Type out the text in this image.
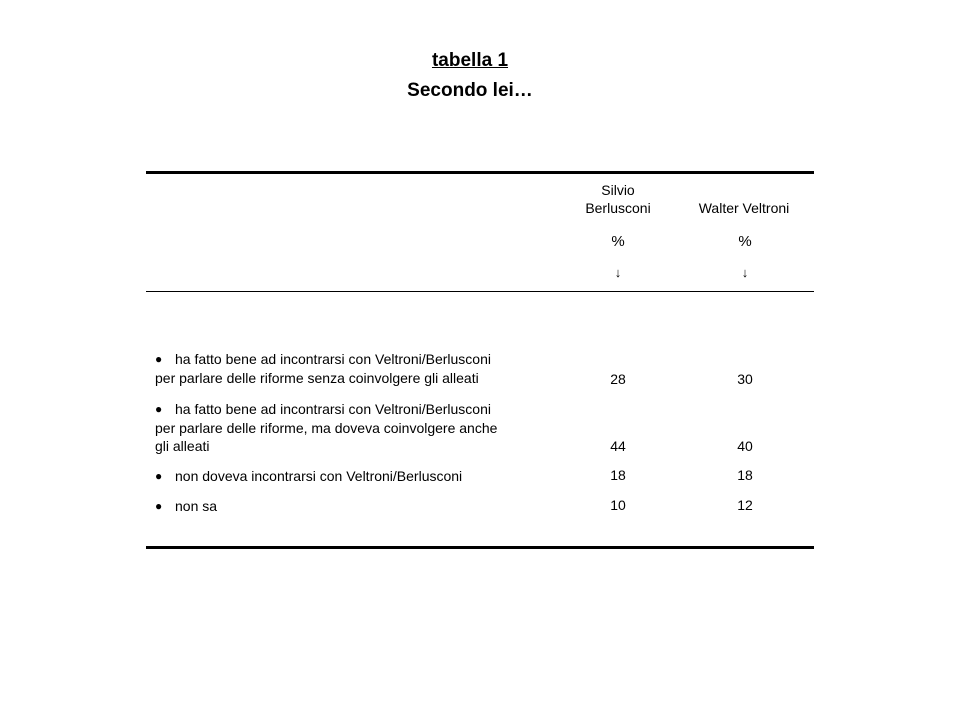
tabella 1
Secondo lei…
Silvio
Berlusconi	Walter Veltroni
%	%
↓	↓
● ha fatto bene ad incontrarsi con Veltroni/Berlusconi
per parlare delle riforme senza coinvolgere gli alleati	28	30
● ha fatto bene ad incontrarsi con Veltroni/Berlusconi
per parlare delle riforme, ma doveva coinvolgere anche
gli alleati	44	40
● non doveva incontrarsi con Veltroni/Berlusconi	18	18
● non sa	10	12
